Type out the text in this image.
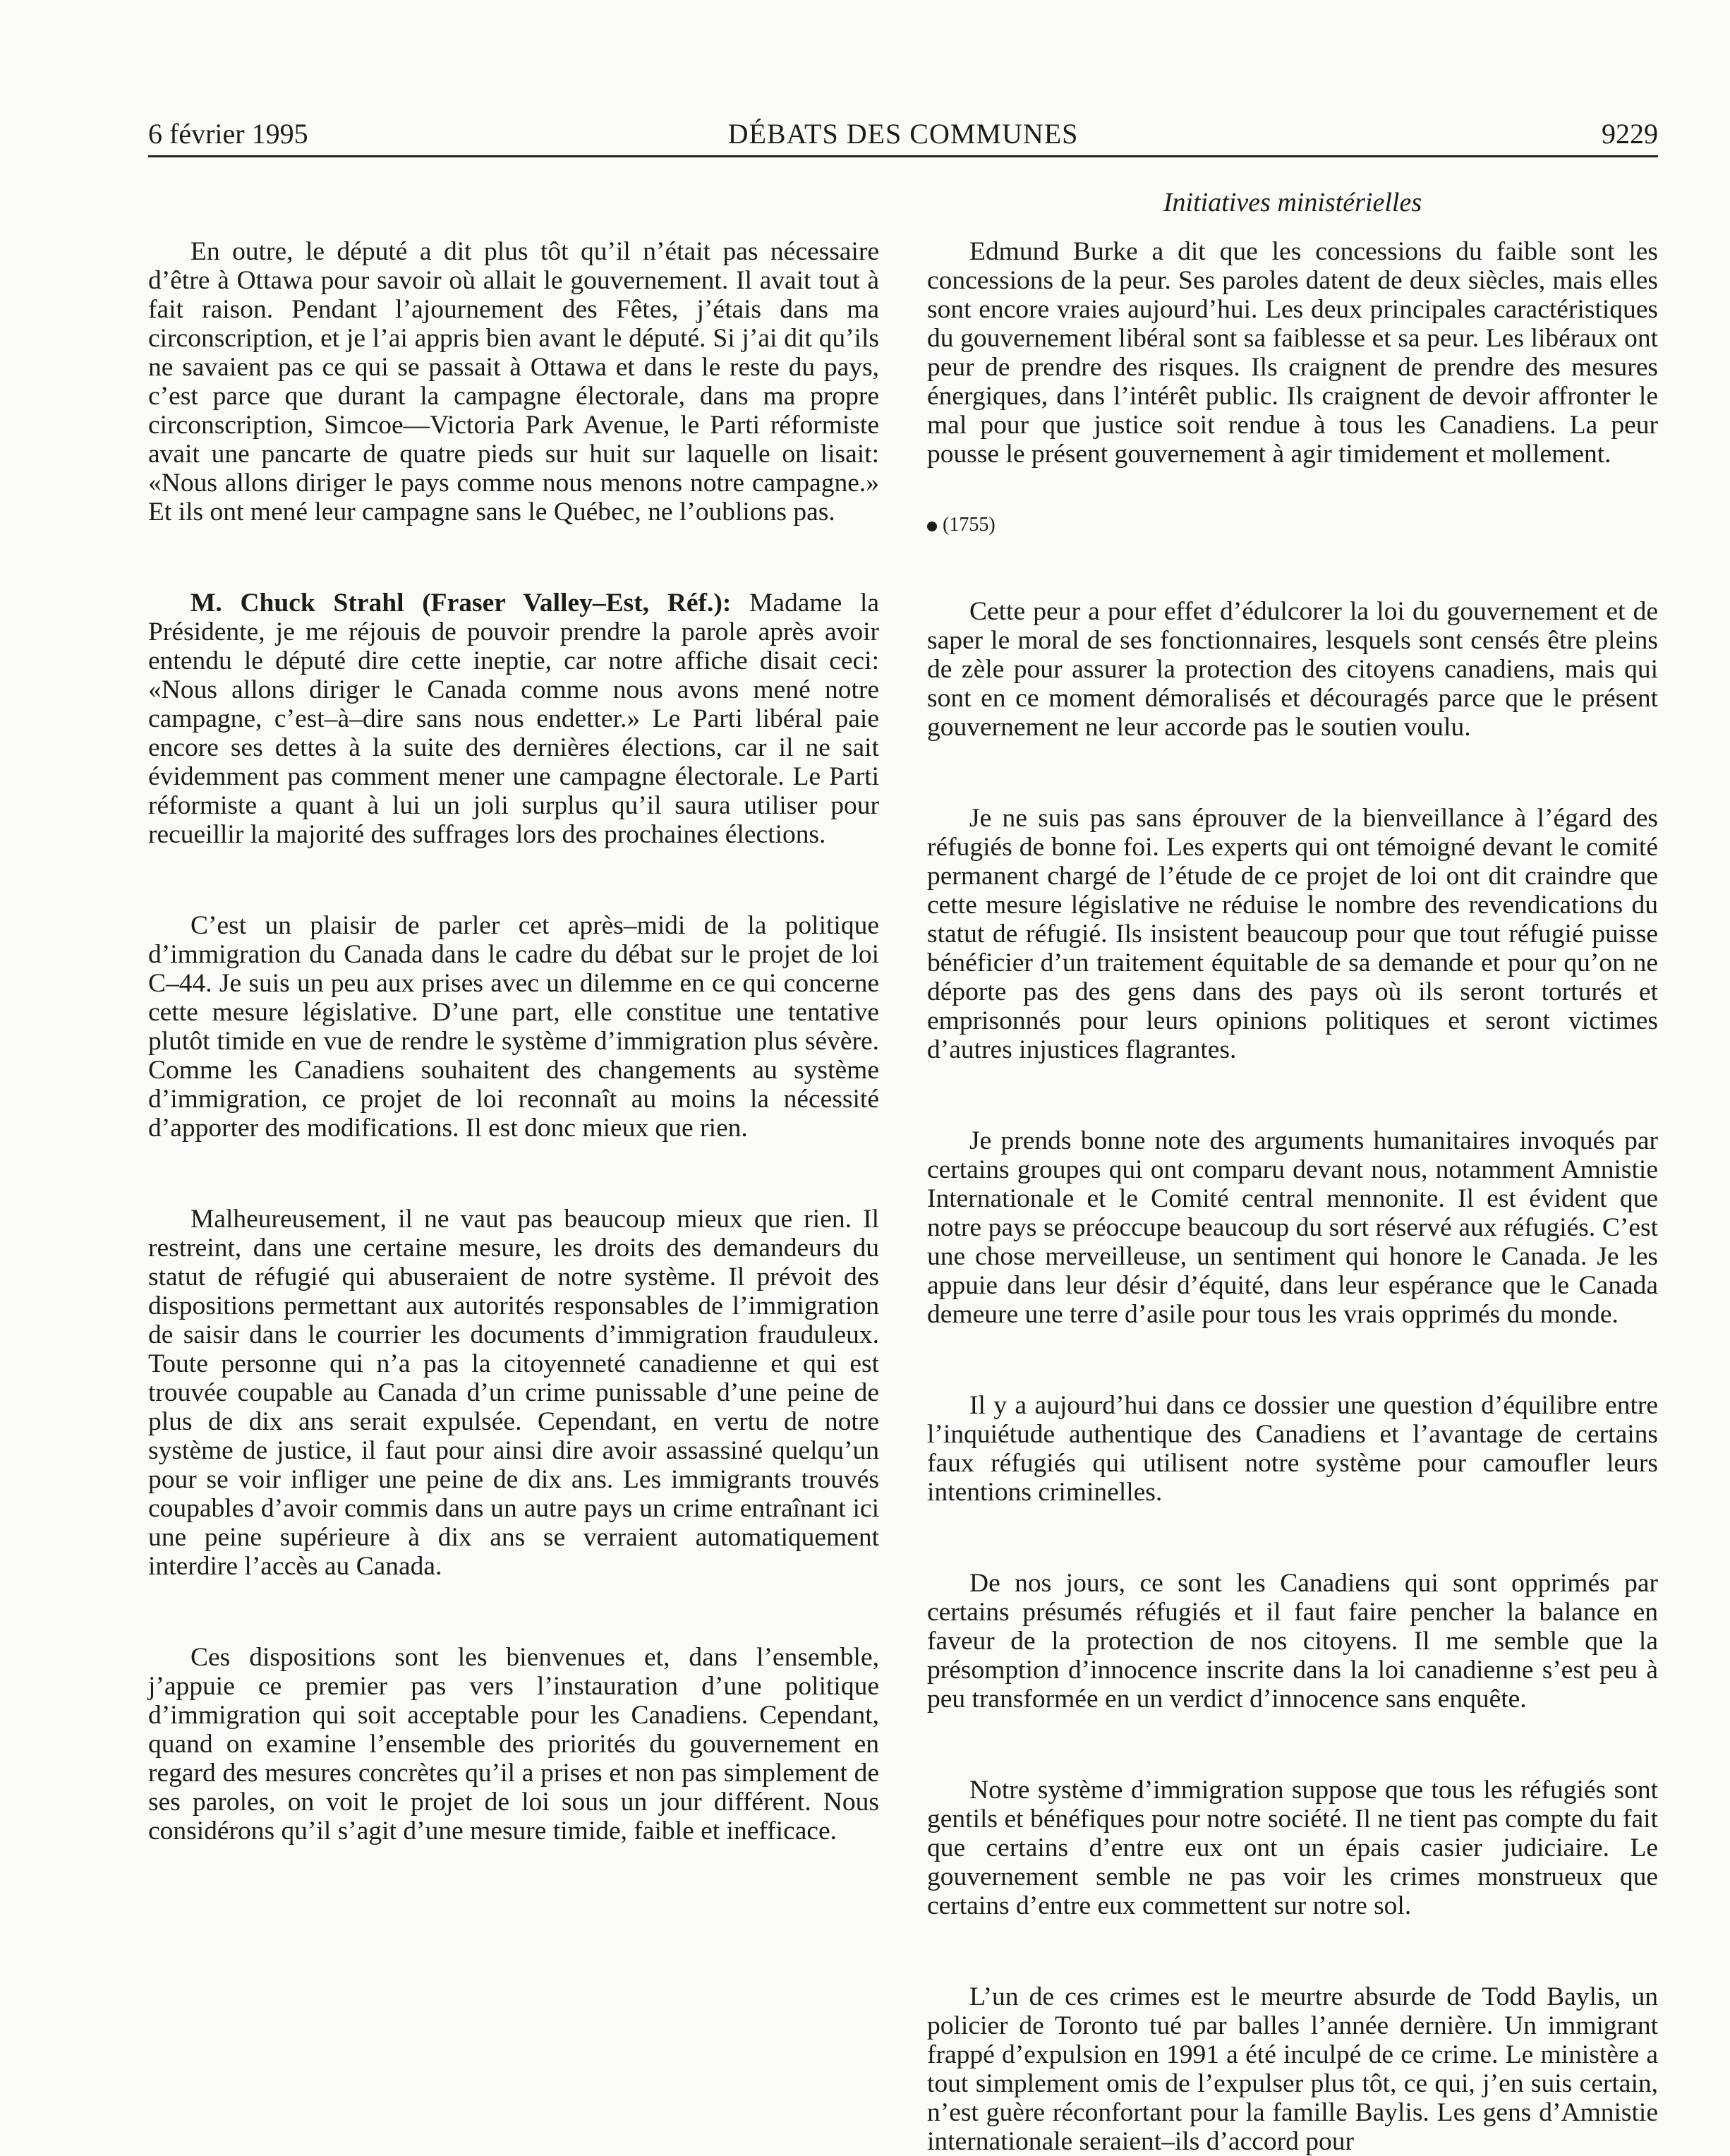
6 février 1995	DÉBATS DES COMMUNES	9229
Initiatives ministérielles

En outre, le député a dit plus tôt qu’il n’était pas nécessaire d’être à Ottawa pour savoir où allait le gouvernement. Il avait tout à fait raison. Pendant l’ajournement des Fêtes, j’étais dans ma circonscription, et je l’ai appris bien avant le député. Si j’ai dit qu’ils ne savaient pas ce qui se passait à Ottawa et dans le reste du pays, c’est parce que durant la campagne électorale, dans ma propre circonscription, Simcoe—Victoria Park Avenue, le Parti réformiste avait une pancarte de quatre pieds sur huit sur laquelle on lisait: «Nous allons diriger le pays comme nous menons notre campagne.» Et ils ont mené leur campagne sans le Québec, ne l’oublions pas.

M. Chuck Strahl (Fraser Valley–Est, Réf.): Madame la Présidente, je me réjouis de pouvoir prendre la parole après avoir entendu le député dire cette ineptie, car notre affiche disait ceci: «Nous allons diriger le Canada comme nous avons mené notre campagne, c’est–à–dire sans nous endetter.» Le Parti libéral paie encore ses dettes à la suite des dernières élections, car il ne sait évidemment pas comment mener une campagne électorale. Le Parti réformiste a quant à lui un joli surplus qu’il saura utiliser pour recueillir la majorité des suffrages lors des prochaines élections.

C’est un plaisir de parler cet après–midi de la politique d’immigration du Canada dans le cadre du débat sur le projet de loi C–44. Je suis un peu aux prises avec un dilemme en ce qui concerne cette mesure législative. D’une part, elle constitue une tentative plutôt timide en vue de rendre le système d’immigration plus sévère. Comme les Canadiens souhaitent des changements au système d’immigration, ce projet de loi reconnaît au moins la nécessité d’apporter des modifications. Il est donc mieux que rien.

Malheureusement, il ne vaut pas beaucoup mieux que rien. Il restreint, dans une certaine mesure, les droits des demandeurs du statut de réfugié qui abuseraient de notre système. Il prévoit des dispositions permettant aux autorités responsables de l’immigration de saisir dans le courrier les documents d’immigration frauduleux. Toute personne qui n’a pas la citoyenneté canadienne et qui est trouvée coupable au Canada d’un crime punissable d’une peine de plus de dix ans serait expulsée. Cependant, en vertu de notre système de justice, il faut pour ainsi dire avoir assassiné quelqu’un pour se voir infliger une peine de dix ans. Les immigrants trouvés coupables d’avoir commis dans un autre pays un crime entraînant ici une peine supérieure à dix ans se verraient automatiquement interdire l’accès au Canada.

Ces dispositions sont les bienvenues et, dans l’ensemble, j’appuie ce premier pas vers l’instauration d’une politique d’immigration qui soit acceptable pour les Canadiens. Cependant, quand on examine l’ensemble des priorités du gouvernement en regard des mesures concrètes qu’il a prises et non pas simplement de ses paroles, on voit le projet de loi sous un jour différent. Nous considérons qu’il s’agit d’une mesure timide, faible et inefficace.

Edmund Burke a dit que les concessions du faible sont les concessions de la peur. Ses paroles datent de deux siècles, mais elles sont encore vraies aujourd’hui. Les deux principales caractéristiques du gouvernement libéral sont sa faiblesse et sa peur. Les libéraux ont peur de prendre des risques. Ils craignent de prendre des mesures énergiques, dans l’intérêt public. Ils craignent de devoir affronter le mal pour que justice soit rendue à tous les Canadiens. La peur pousse le présent gouvernement à agir timidement et mollement.

(1755)

Cette peur a pour effet d’édulcorer la loi du gouvernement et de saper le moral de ses fonctionnaires, lesquels sont censés être pleins de zèle pour assurer la protection des citoyens canadiens, mais qui sont en ce moment démoralisés et découragés parce que le présent gouvernement ne leur accorde pas le soutien voulu.

Je ne suis pas sans éprouver de la bienveillance à l’égard des réfugiés de bonne foi. Les experts qui ont témoigné devant le comité permanent chargé de l’étude de ce projet de loi ont dit craindre que cette mesure législative ne réduise le nombre des revendications du statut de réfugié. Ils insistent beaucoup pour que tout réfugié puisse bénéficier d’un traitement équitable de sa demande et pour qu’on ne déporte pas des gens dans des pays où ils seront torturés et emprisonnés pour leurs opinions politiques et seront victimes d’autres injustices flagrantes.

Je prends bonne note des arguments humanitaires invoqués par certains groupes qui ont comparu devant nous, notamment Amnistie Internationale et le Comité central mennonite. Il est évident que notre pays se préoccupe beaucoup du sort réservé aux réfugiés. C’est une chose merveilleuse, un sentiment qui honore le Canada. Je les appuie dans leur désir d’équité, dans leur espérance que le Canada demeure une terre d’asile pour tous les vrais opprimés du monde.

Il y a aujourd’hui dans ce dossier une question d’équilibre entre l’inquiétude authentique des Canadiens et l’avantage de certains faux réfugiés qui utilisent notre système pour camoufler leurs intentions criminelles.

De nos jours, ce sont les Canadiens qui sont opprimés par certains présumés réfugiés et il faut faire pencher la balance en faveur de la protection de nos citoyens. Il me semble que la présomption d’innocence inscrite dans la loi canadienne s’est peu à peu transformée en un verdict d’innocence sans enquête.

Notre système d’immigration suppose que tous les réfugiés sont gentils et bénéfiques pour notre société. Il ne tient pas compte du fait que certains d’entre eux ont un épais casier judiciaire. Le gouvernement semble ne pas voir les crimes monstrueux que certains d’entre eux commettent sur notre sol.

L’un de ces crimes est le meurtre absurde de Todd Baylis, un policier de Toronto tué par balles l’année dernière. Un immigrant frappé d’expulsion en 1991 a été inculpé de ce crime. Le ministère a tout simplement omis de l’expulser plus tôt, ce qui, j’en suis certain, n’est guère réconfortant pour la famille Baylis. Les gens d’Amnistie internationale seraient–ils d’accord pour
